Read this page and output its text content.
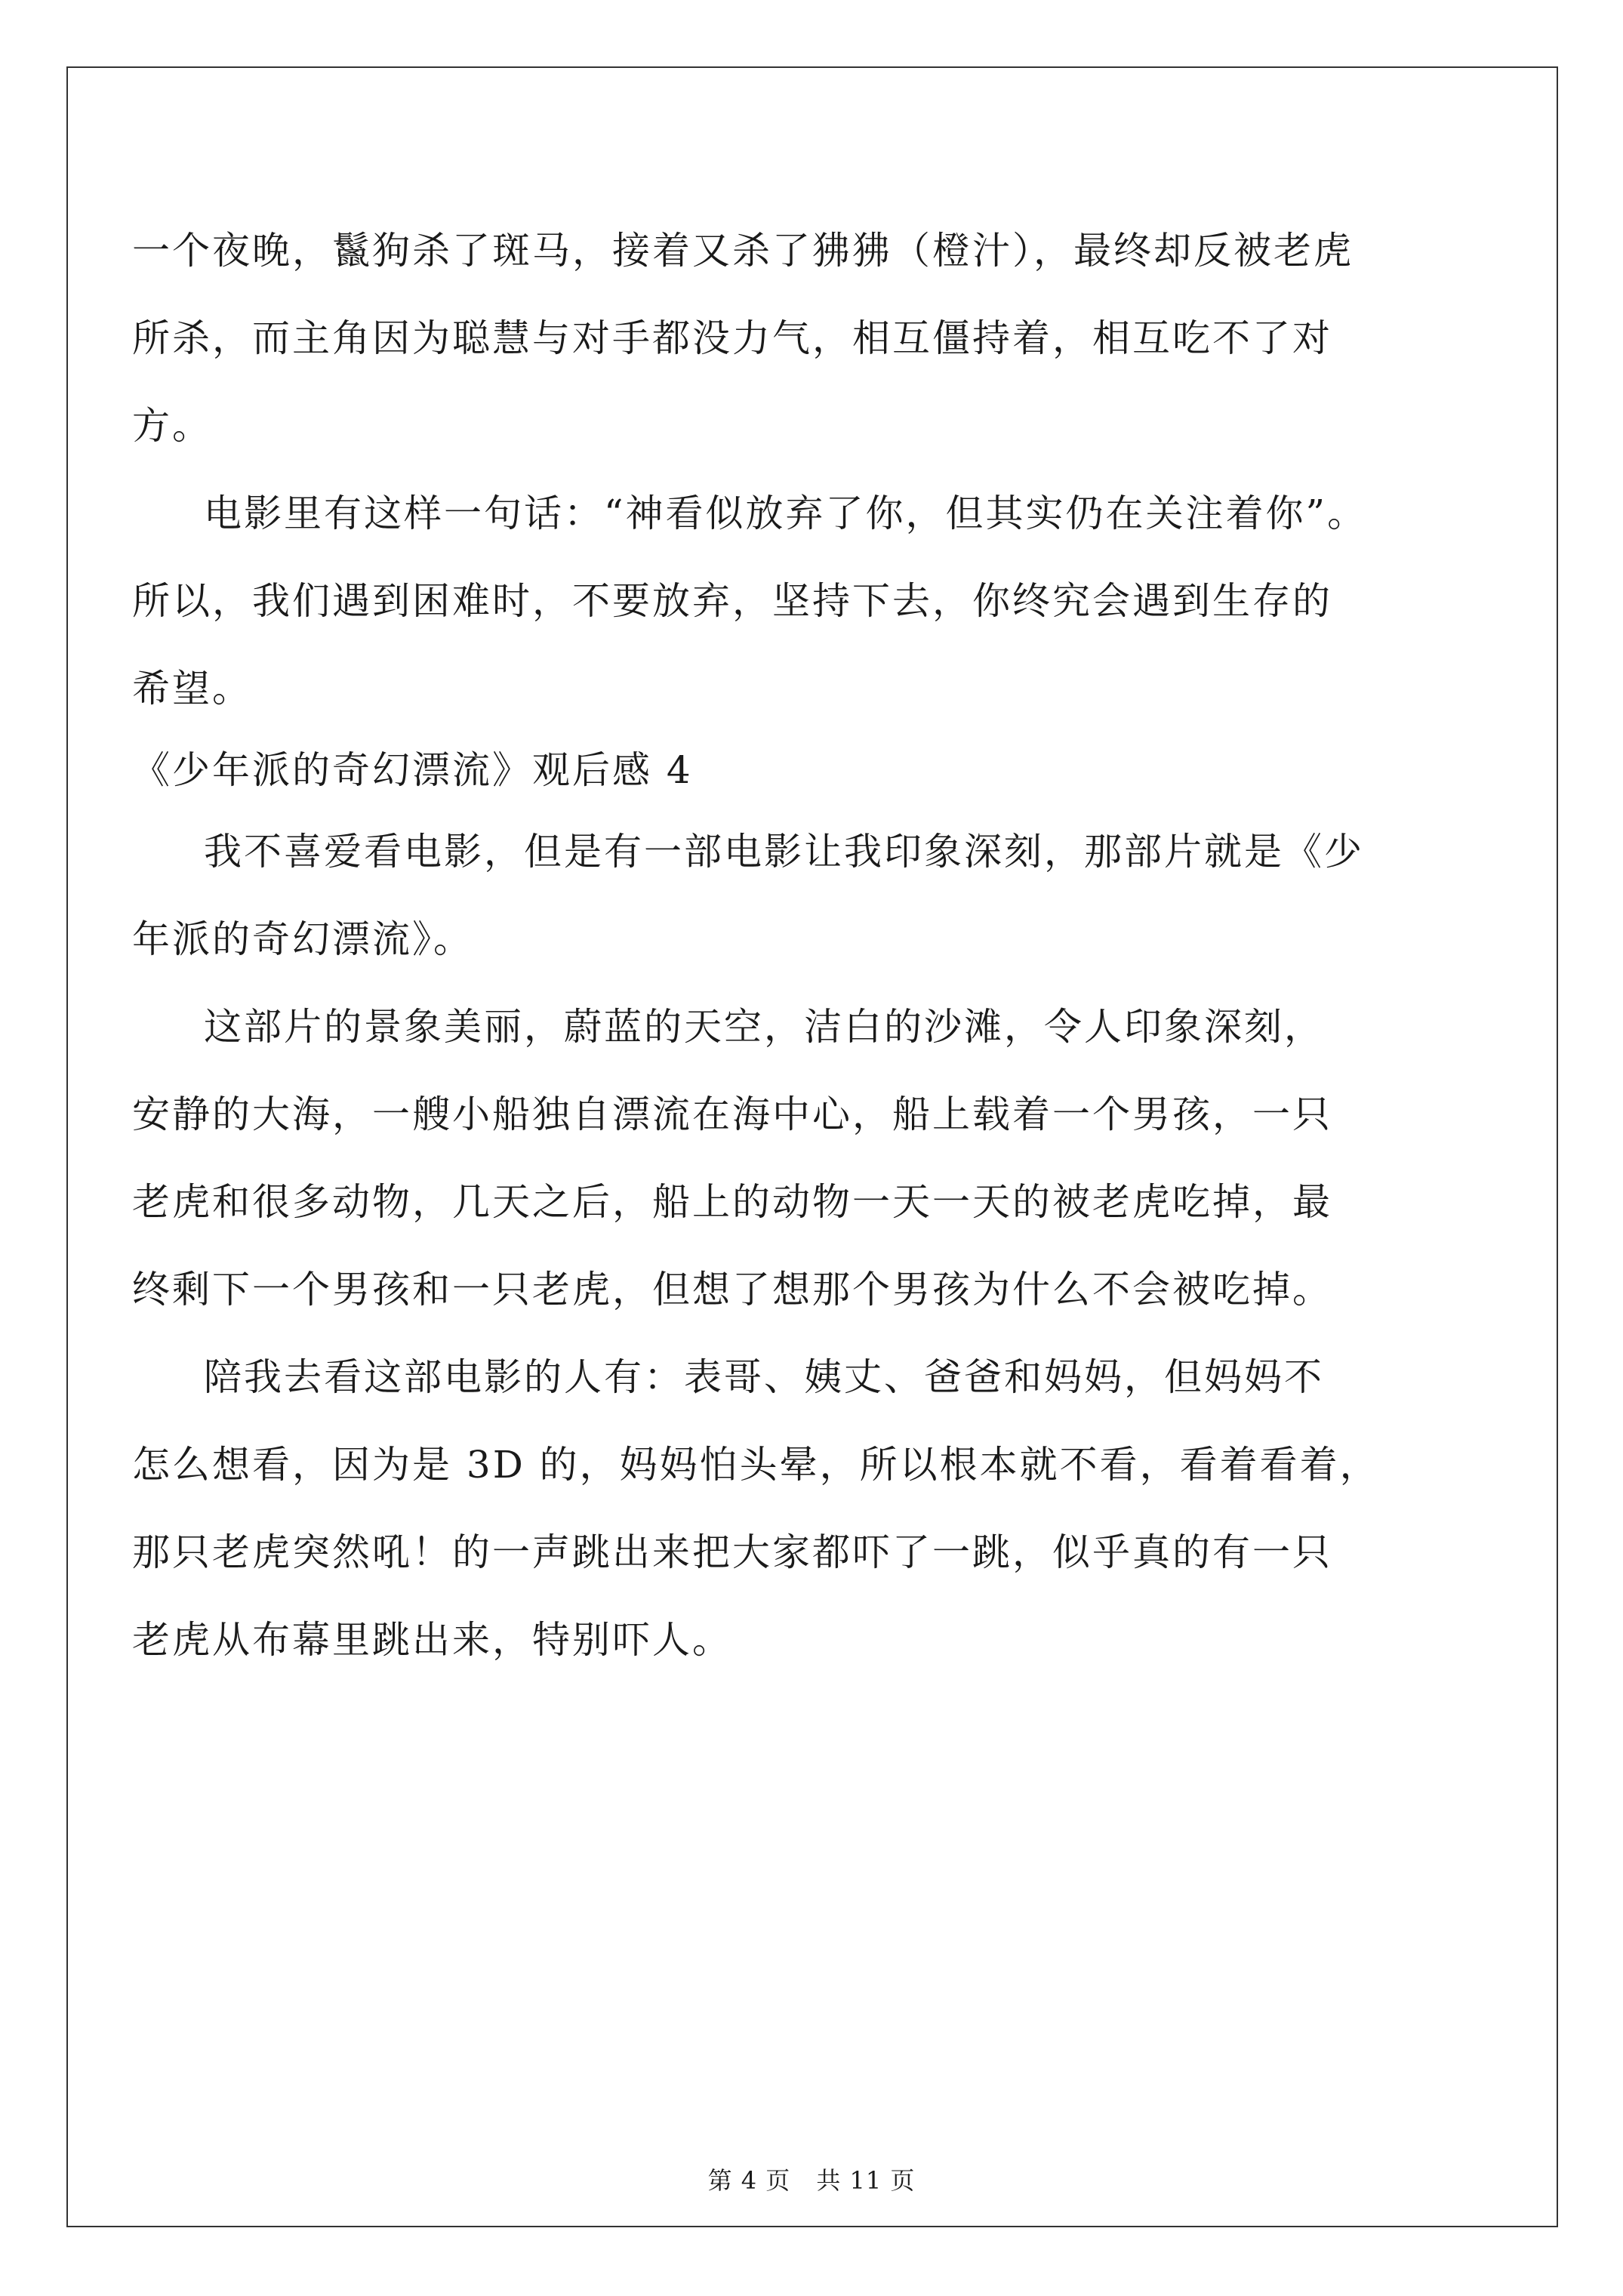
一个夜晚，鬣狗杀了斑马，接着又杀了狒狒（橙汁），最终却反被老虎
所杀，而主角因为聪慧与对手都没力气，相互僵持着，相互吃不了对
方。
电影里有这样一句话：“神看似放弃了你，但其实仍在关注着你”。
所以，我们遇到困难时，不要放弃，坚持下去，你终究会遇到生存的
希望。
《少年派的奇幻漂流》观后感 4
我不喜爱看电影，但是有一部电影让我印象深刻，那部片就是《少
年派的奇幻漂流》。
这部片的景象美丽，蔚蓝的天空，洁白的沙滩，令人印象深刻，
安静的大海，一艘小船独自漂流在海中心，船上载着一个男孩，一只
老虎和很多动物，几天之后，船上的动物一天一天的被老虎吃掉，最
终剩下一个男孩和一只老虎，但想了想那个男孩为什么不会被吃掉。
陪我去看这部电影的人有：表哥、姨丈、爸爸和妈妈，但妈妈不
怎么想看，因为是 3D 的，妈妈怕头晕，所以根本就不看，看着看着，
那只老虎突然吼！的一声跳出来把大家都吓了一跳，似乎真的有一只
老虎从布幕里跳出来，特别吓人。
第 4 页 共 11 页
